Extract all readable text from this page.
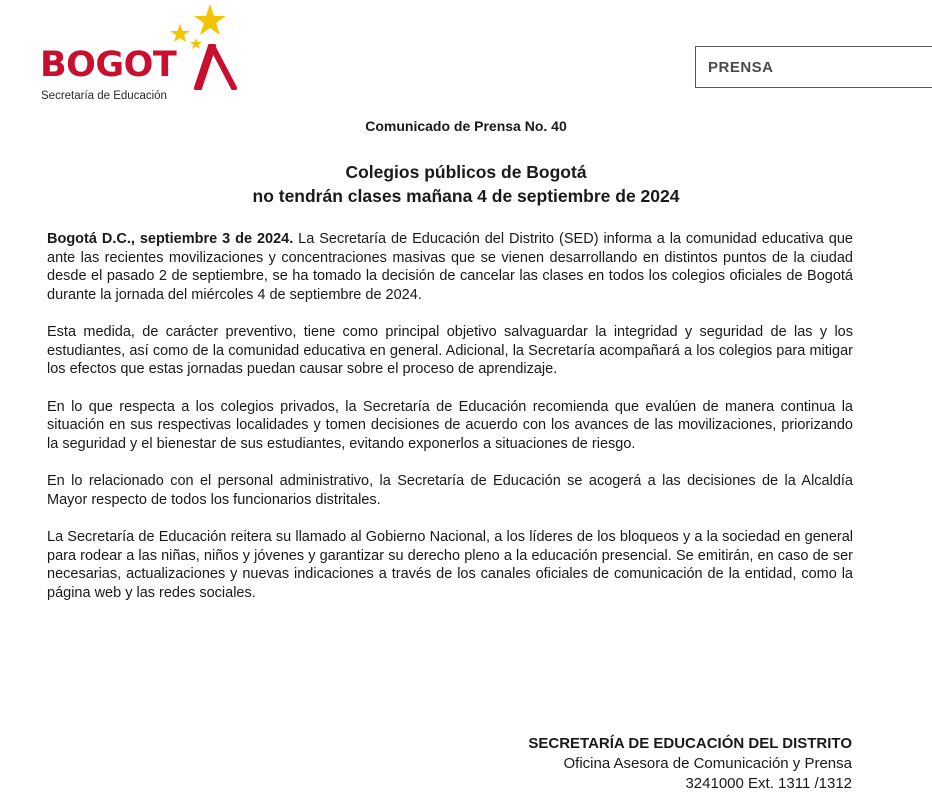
BOGOT
Secretaría de Educación
PRENSA
Comunicado de Prensa No. 40
Colegios públicos de Bogotá
no tendrán clases mañana 4 de septiembre de 2024

Bogotá D.C., septiembre 3 de 2024. La Secretaría de Educación del Distrito (SED) informa a la comunidad educativa que ante las recientes movilizaciones y concentraciones masivas que se vienen desarrollando en distintos puntos de la ciudad desde el pasado 2 de septiembre, se ha tomado la decisión de cancelar las clases en todos los colegios oficiales de Bogotá durante la jornada del miércoles 4 de septiembre de 2024.

Esta medida, de carácter preventivo, tiene como principal objetivo salvaguardar la integridad y seguridad de las y los estudiantes, así como de la comunidad educativa en general. Adicional, la Secretaría acompañará a los colegios para mitigar los efectos que estas jornadas puedan causar sobre el proceso de aprendizaje.

En lo que respecta a los colegios privados, la Secretaría de Educación recomienda que evalúen de manera continua la situación en sus respectivas localidades y tomen decisiones de acuerdo con los avances de las movilizaciones, priorizando la seguridad y el bienestar de sus estudiantes, evitando exponerlos a situaciones de riesgo.

En lo relacionado con el personal administrativo, la Secretaría de Educación se acogerá a las decisiones de la Alcaldía Mayor respecto de todos los funcionarios distritales.

La Secretaría de Educación reitera su llamado al Gobierno Nacional, a los líderes de los bloqueos y a la sociedad en general para rodear a las niñas, niños y jóvenes y garantizar su derecho pleno a la educación presencial. Se emitirán, en caso de ser necesarias, actualizaciones y nuevas indicaciones a través de los canales oficiales de comunicación de la entidad, como la página web y las redes sociales.

SECRETARÍA DE EDUCACIÓN DEL DISTRITO
Oficina Asesora de Comunicación y Prensa
3241000 Ext. 1311 /1312
